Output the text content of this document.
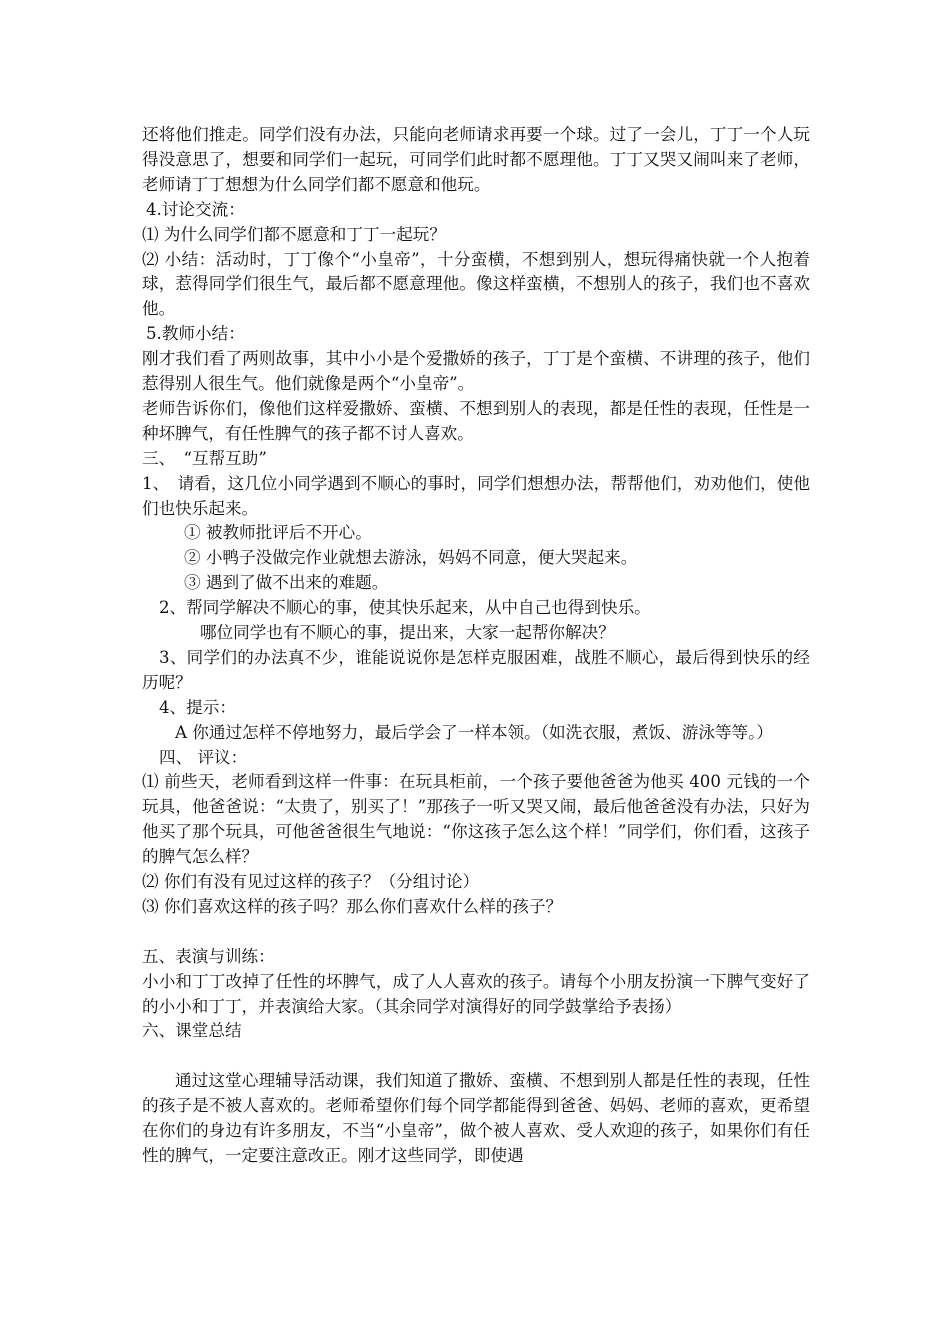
还将他们推走。同学们没有办法，只能向老师请求再要一个球。过了一会儿，丁丁一个人玩得没意思了，想要和同学们一起玩，可同学们此时都不愿理他。丁丁又哭又闹叫来了老师，老师请丁丁想想为什么同学们都不愿意和他玩。
4.讨论交流：
⑴ 为什么同学们都不愿意和丁丁一起玩？
⑵ 小结：活动时，丁丁像个“小皇帝”，十分蛮横，不想到别人，想玩得痛快就一个人抱着球，惹得同学们很生气，最后都不愿意理他。像这样蛮横，不想别人的孩子，我们也不喜欢他。
5.教师小结：
刚才我们看了两则故事，其中小小是个爱撒娇的孩子，丁丁是个蛮横、不讲理的孩子，他们惹得别人很生气。他们就像是两个“小皇帝”。
老师告诉你们，像他们这样爱撒娇、蛮横、不想到别人的表现，都是任性的表现，任性是一种坏脾气，有任性脾气的孩子都不讨人喜欢。
三、　“互帮互助”
1、　请看，这几位小同学遇到不顺心的事时，同学们想想办法，帮帮他们，劝劝他们，使他们也快乐起来。
① 被教师批评后不开心。
② 小鸭子没做完作业就想去游泳，妈妈不同意，便大哭起来。
③ 遇到了做不出来的难题。
2、帮同学解决不顺心的事，使其快乐起来，从中自己也得到快乐。
哪位同学也有不顺心的事，提出来，大家一起帮你解决？
3、同学们的办法真不少，谁能说说你是怎样克服困难，战胜不顺心，最后得到快乐的经历呢？
4、提示：
A 你通过怎样不停地努力，最后学会了一样本领。（如洗衣服，煮饭、游泳等等。）
四、 评议：
⑴ 前些天，老师看到这样一件事：在玩具柜前，一个孩子要他爸爸为他买 400 元钱的一个玩具，他爸爸说：“太贵了，别买了！”那孩子一听又哭又闹，最后他爸爸没有办法，只好为他买了那个玩具，可他爸爸很生气地说：“你这孩子怎么这个样！”同学们，你们看，这孩子的脾气怎么样？
⑵ 你们有没有见过这样的孩子？（分组讨论）
⑶ 你们喜欢这样的孩子吗？那么你们喜欢什么样的孩子？
五、表演与训练：
小小和丁丁改掉了任性的坏脾气，成了人人喜欢的孩子。请每个小朋友扮演一下脾气变好了的小小和丁丁，并表演给大家。（其余同学对演得好的同学鼓掌给予表扬）
六、课堂总结
通过这堂心理辅导活动课，我们知道了撒娇、蛮横、不想到别人都是任性的表现，任性的孩子是不被人喜欢的。老师希望你们每个同学都能得到爸爸、妈妈、老师的喜欢，更希望在你们的身边有许多朋友，不当“小皇帝”，做个被人喜欢、受人欢迎的孩子，如果你们有任性的脾气，一定要注意改正。刚才这些同学，即使遇
